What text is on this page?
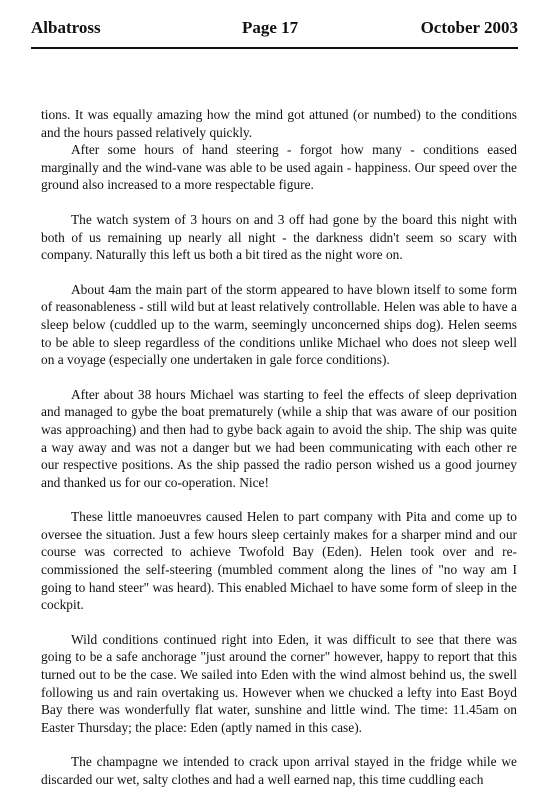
Albatross	Page 17	October 2003

tions. It was equally amazing how the mind got attuned (or numbed) to the conditions and the hours passed relatively quickly.

After some hours of hand steering - forgot how many - conditions eased marginally and the wind-vane was able to be used again - happiness. Our speed over the ground also increased to a more respectable figure.

The watch system of 3 hours on and 3 off had gone by the board this night with both of us remaining up nearly all night - the darkness didn't seem so scary with company. Naturally this left us both a bit tired as the night wore on.

About 4am the main part of the storm appeared to have blown itself to some form of reasonableness - still wild but at least relatively controllable. Helen was able to have a sleep below (cuddled up to the warm, seemingly unconcerned ships dog). Helen seems to be able to sleep regardless of the conditions unlike Michael who does not sleep well on a voyage (especially one undertaken in gale force conditions).

After about 38 hours Michael was starting to feel the effects of sleep deprivation and managed to gybe the boat prematurely (while a ship that was aware of our position was approaching) and then had to gybe back again to avoid the ship. The ship was quite a way away and was not a danger but we had been communicating with each other re our respective positions. As the ship passed the radio person wished us a good journey and thanked us for our co-operation. Nice!

These little manoeuvres caused Helen to part company with Pita and come up to oversee the situation. Just a few hours sleep certainly makes for a sharper mind and our course was corrected to achieve Twofold Bay (Eden). Helen took over and re-commissioned the self-steering (mumbled comment along the lines of "no way am I going to hand steer" was heard). This enabled Michael to have some form of sleep in the cockpit.

Wild conditions continued right into Eden, it was difficult to see that there was going to be a safe anchorage "just around the corner" however, happy to report that this turned out to be the case. We sailed into Eden with the wind almost behind us, the swell following us and rain overtaking us. However when we chucked a lefty into East Boyd Bay there was wonderfully flat water, sunshine and little wind. The time: 11.45am on Easter Thursday; the place: Eden (aptly named in this case).

The champagne we intended to crack upon arrival stayed in the fridge while we discarded our wet, salty clothes and had a well earned nap, this time cuddling each
